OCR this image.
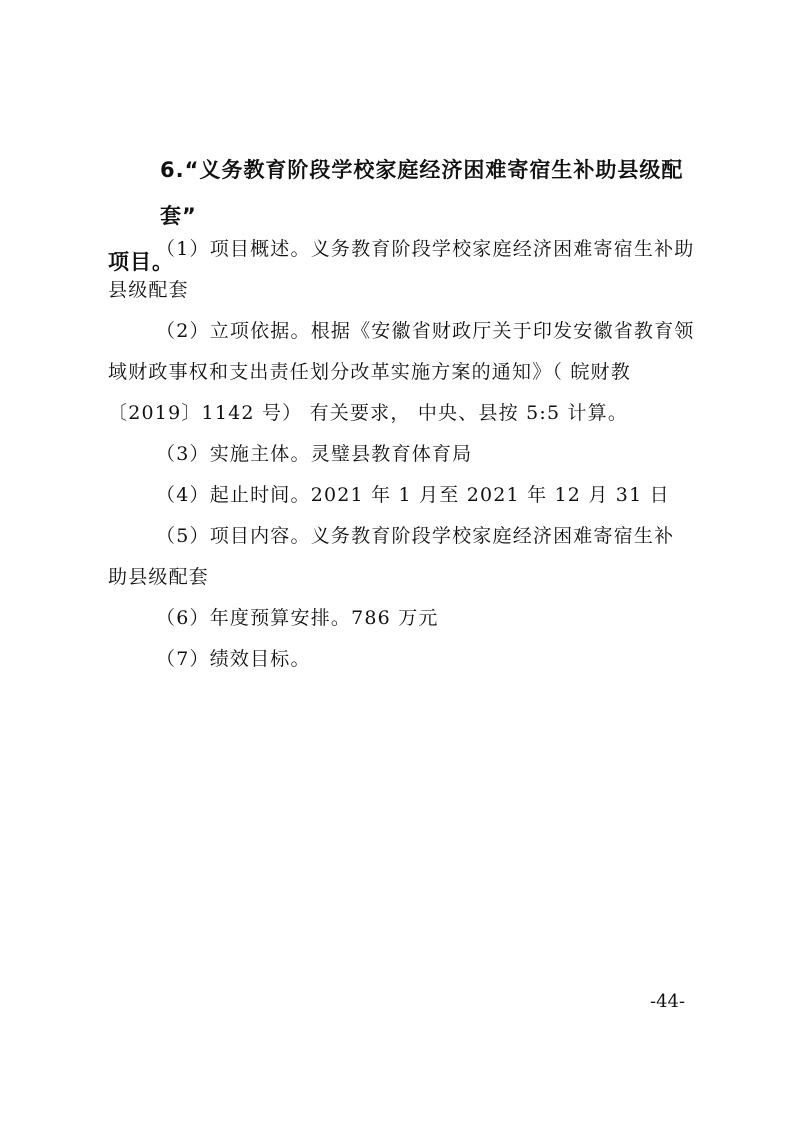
6.“义务教育阶段学校家庭经济困难寄宿生补助县级配套”
项目。
（1）项目概述。义务教育阶段学校家庭经济困难寄宿生补助
县级配套
（2）立项依据。根据《安徽省财政厅关于印发安徽省教育领
域财政事权和支出责任划分改革实施方案的通知》（ 皖财教
〔2019〕1142 号） 有关要求， 中央、县按 5:5 计算。
（3）实施主体。灵璧县教育体育局
（4）起止时间。2021 年 1 月至 2021 年 12 月 31 日
（5）项目内容。义务教育阶段学校家庭经济困难寄宿生补
助县级配套
（6）年度预算安排。786 万元
（7）绩效目标。
-44-
